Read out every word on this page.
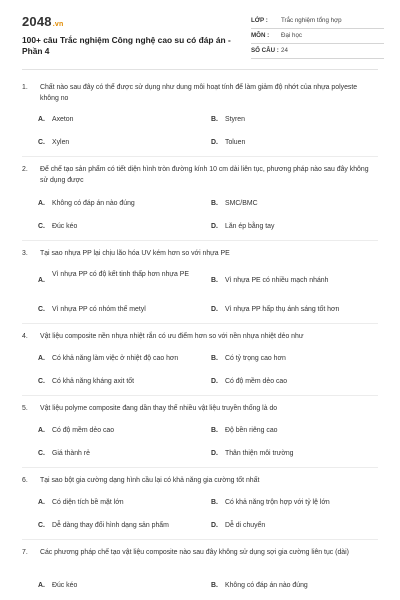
2048.vn
100+ câu Trắc nghiệm Công nghệ cao su có đáp án - Phần 4
LỚP : Trắc nghiệm tổng hợp
MÔN : Đại học
SỐ CÂU : 24
1.	Chất nào sau đây có thể được sử dụng như dung môi hoạt tính để làm giảm độ nhớt của nhựa polyeste không no
A. Axeton	B. Styren
C. Xylen	D. Toluen
2.	Để chế tạo sản phẩm có tiết diện hình tròn đường kính 10 cm dài liên tục, phương pháp nào sau đây không sử dụng được
A. Không có đáp án nào đúng	B. SMC/BMC
C. Đúc kéo	D. Lăn ép bằng tay
3.	Tại sao nhựa PP lại chịu lão hóa UV kém hơn so với nhựa PE
A.
Vì nhựa PP có độ kết tinh thấp hơn nhựa PE
B. Vì nhựa PE có nhiều mạch nhánh
C. Vì nhựa PP có nhóm thế metyl	D. Vì nhựa PP hấp thụ ánh sáng tốt hơn
4.	Vật liệu composite nền nhựa nhiệt rắn có ưu điểm hơn so với nền nhựa nhiệt dẻo như
A. Có khả năng làm việc ở nhiệt độ cao hơn	B. Có tỷ trọng cao hơn
C. Có khả năng kháng axit tốt	D. Có độ mềm dẻo cao
5.	Vật liệu polyme composite đang dần thay thế nhiều vật liệu truyền thống là do
A. Có độ mềm dẻo cao	B. Độ bền riêng cao
C. Giá thành rẻ	D. Thân thiện môi trường
6.	Tại sao bột gia cường dạng hình cầu lại có khả năng gia cường tốt nhất
A. Có diện tích bề mặt lớn	B. Có khả năng trộn hợp với tỷ lệ lớn
C. Dễ dàng thay đổi hình dạng sản phẩm	D. Dễ di chuyển
7.	Các phương pháp chế tạo vật liệu composite nào sau đây không sử dụng sợi gia cường liên tục (dài)
A. Đúc kéo	B. Không có đáp án nào đúng
